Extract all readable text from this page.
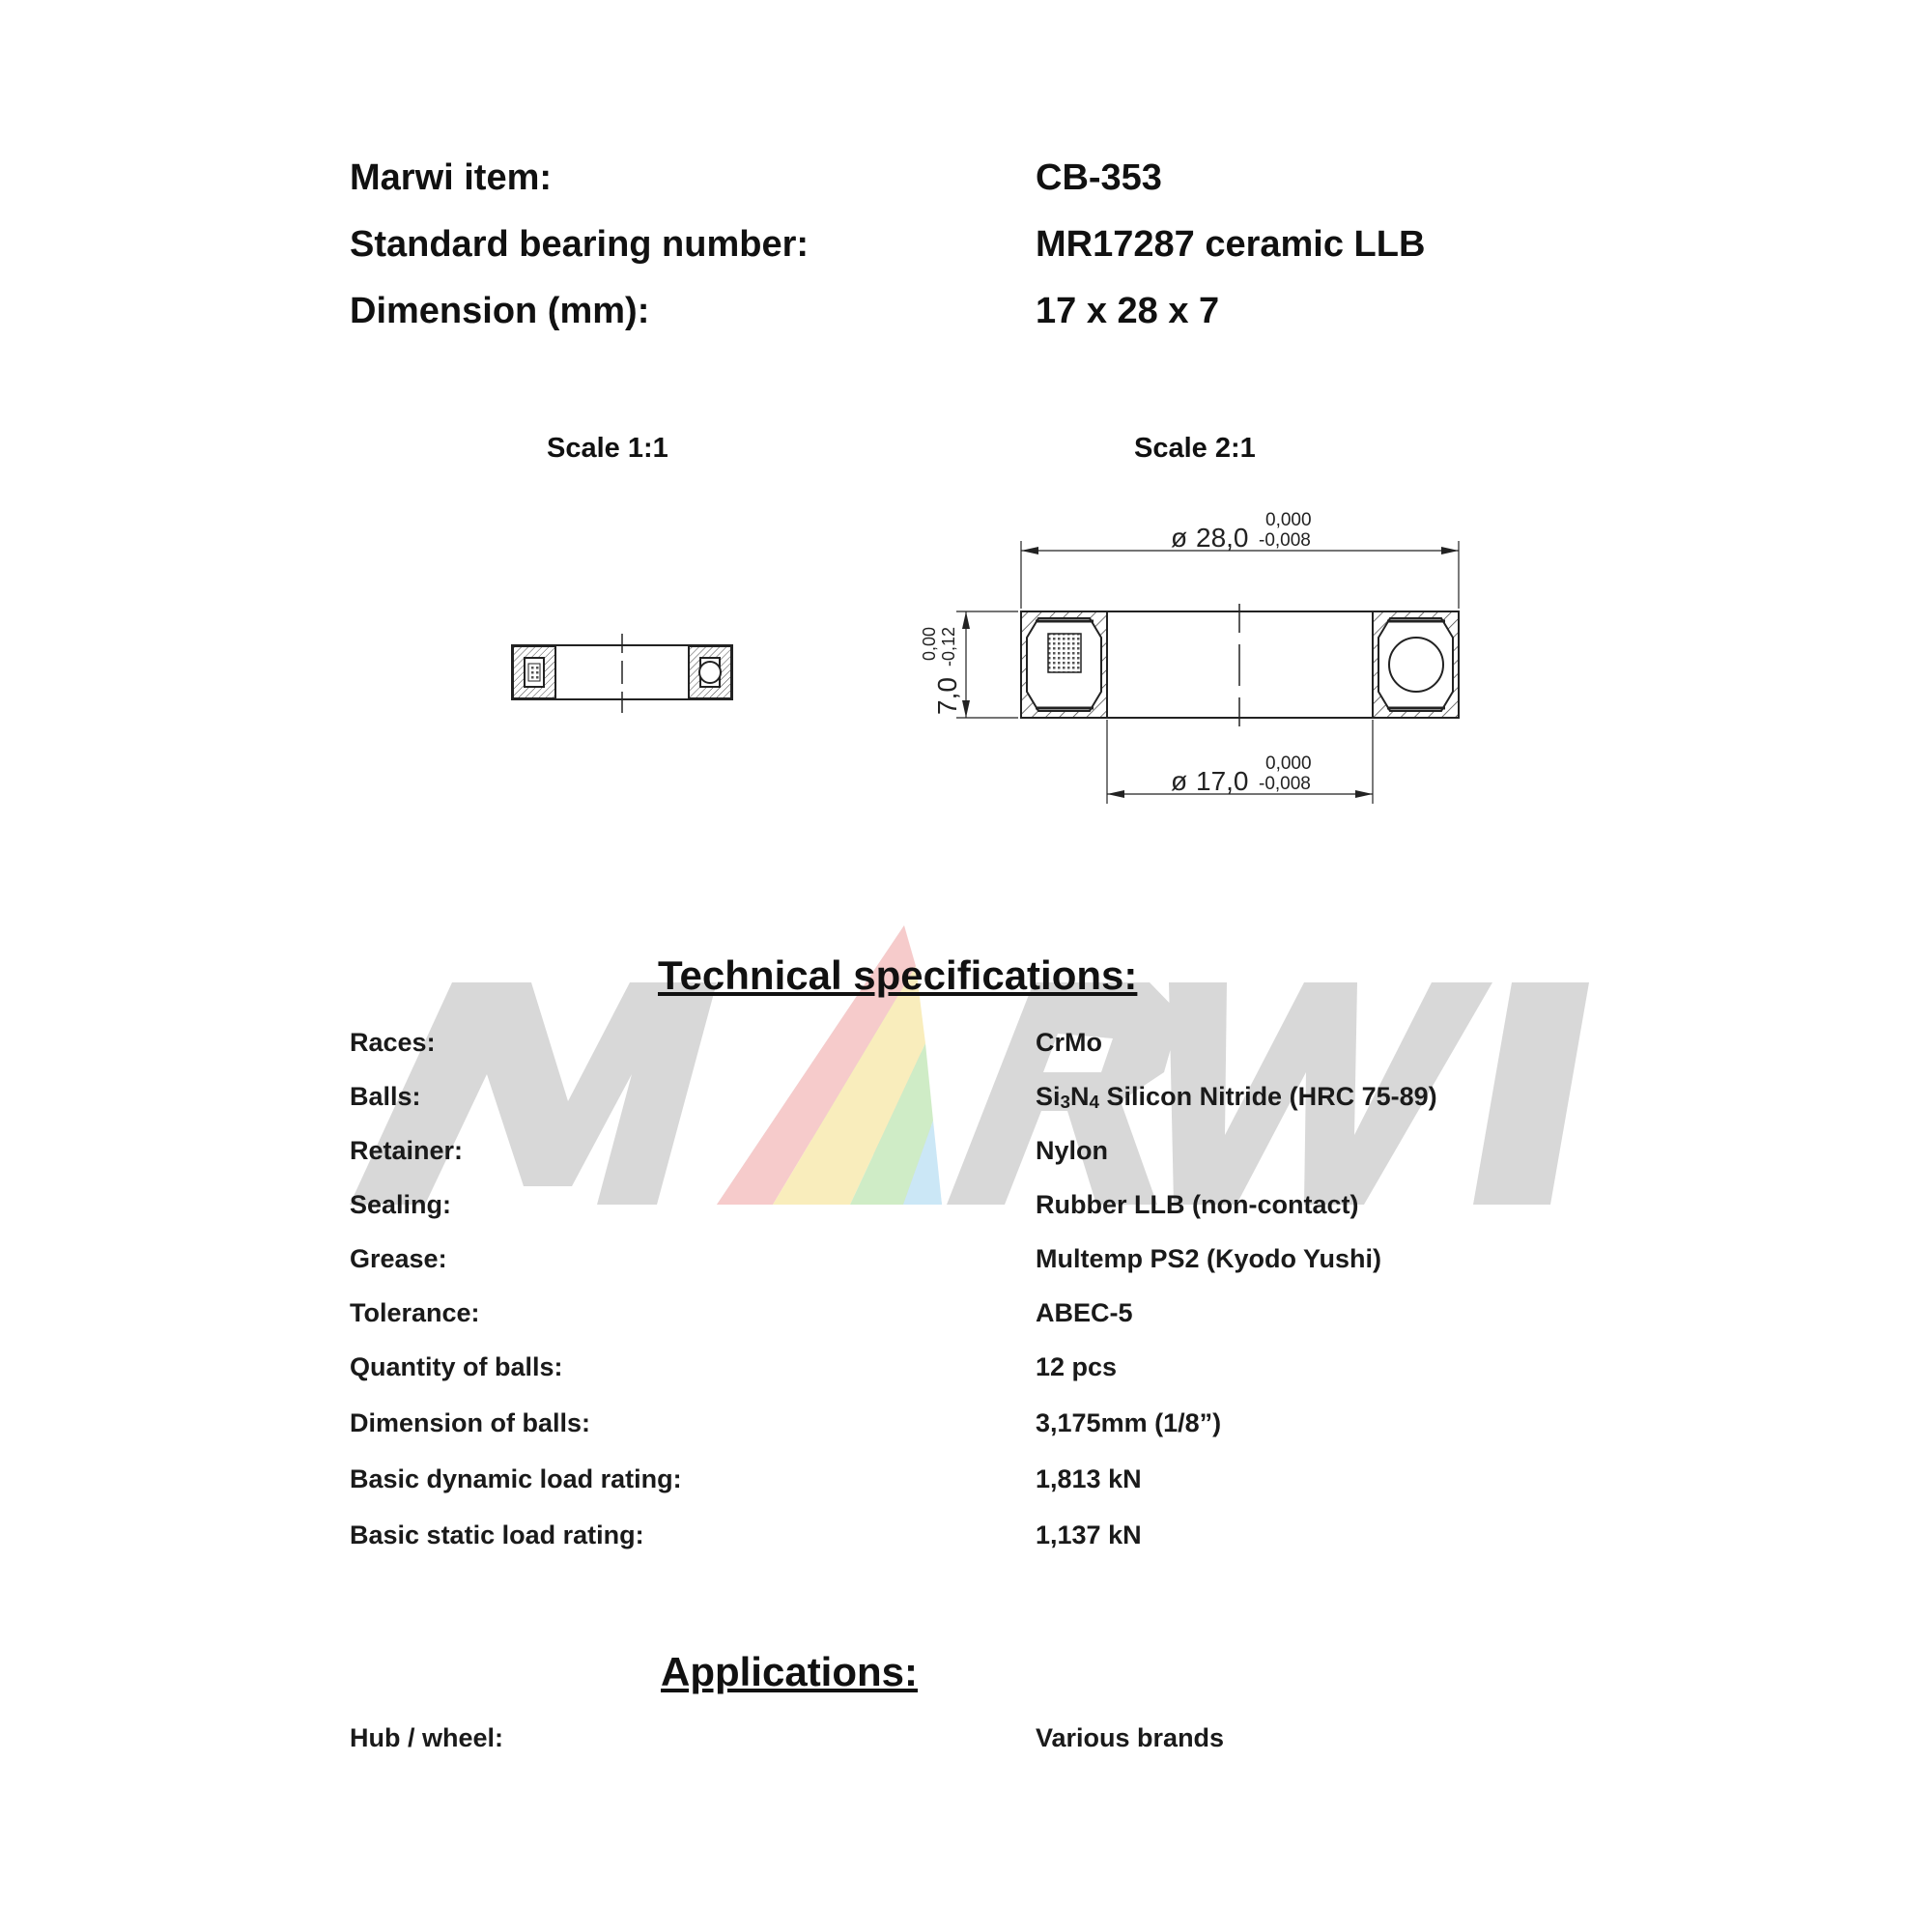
Marwi item:	CB-353
Standard bearing number:	MR17287 ceramic LLB
Dimension (mm):	17 x 28 x 7
Scale 1:1	Scale 2:1
ø 28,0
0,000
-0,008
ø 17,0
0,000
-0,008
7,0
0,00 -0,12
Technical specifications:
Races:	CrMo
Balls:	$Si_3N_4$ Silicon Nitride (HRC 75-89)
Retainer:	Nylon
Sealing:	Rubber LLB (non-contact)
Grease:	Multemp PS2 (Kyodo Yushi)
Tolerance:	ABEC-5
Quantity of balls:	12 pcs
Dimension of balls:	3,175mm (1/8”)
Basic dynamic load rating:	1,813 kN
Basic static load rating:	1,137 kN
Applications:
Hub / wheel:	Various brands
